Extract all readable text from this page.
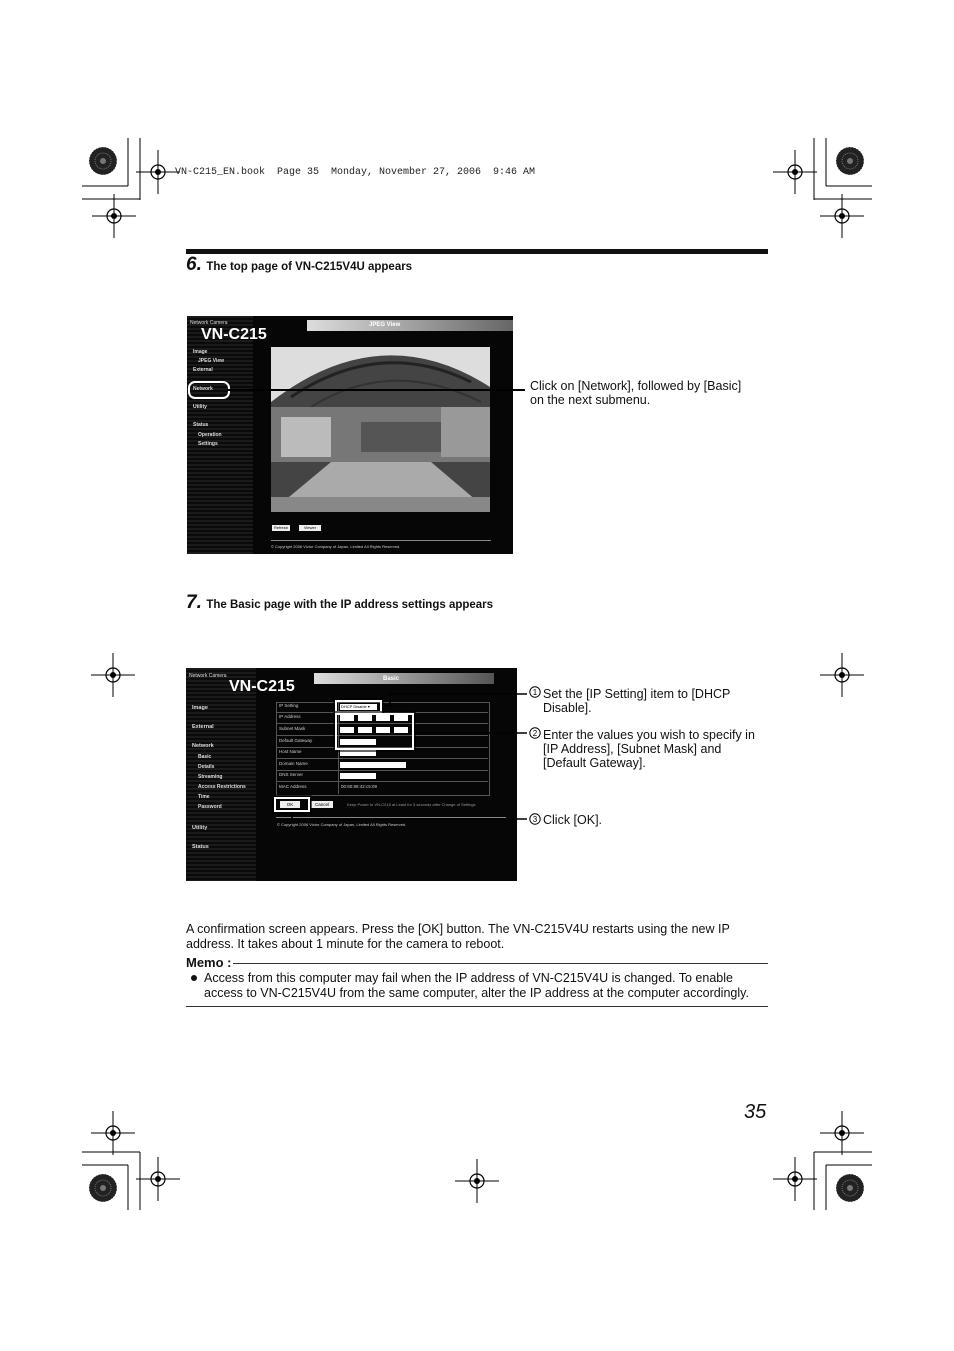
VN-C215_EN.book  Page 35  Monday, November 27, 2006  9:46 AM
6. The top page of VN-C215V4U appears
Network Camera
VN-C215
JPEG View
Image
JPEG View
External
Network
Utility
Status
Operation
Settings
Refresh	Viewer
© Copyright 2006 Victor Company of Japan, Limited All Rights Reserved.
Click on [Network], followed by [Basic] on the next submenu.
7. The Basic page with the IP address settings appears
Network Camera
VN-C215	Basic
Image
External
Network
Basic
Details
Streaming
Access Restrictions
Time
Password
Utility
Status
IP Setting	DHCP Disable ▾
IP Address
Subnet Mask
Default Gateway
Host Name
Domain Name
DNS Server
MAC Address	00:80:88:42:c5:09
OK	Cancel	Keep Power to VN-C215 at Least for 3 seconds after Change of Settings
© Copyright 2006 Victor Company of Japan, Limited All Rights Reserved.
1 Set the [IP Setting] item to [DHCP Disable].
2 Enter the values you wish to specify in [IP Address], [Subnet Mask] and [Default Gateway].
3 Click [OK].
A confirmation screen appears. Press the [OK] button. The VN-C215V4U restarts using the new IP address. It takes about 1 minute for the camera to reboot.
Memo :
Access from this computer may fail when the IP address of VN-C215V4U is changed. To enable access to VN-C215V4U from the same computer, alter the IP address at the computer accordingly.
35
